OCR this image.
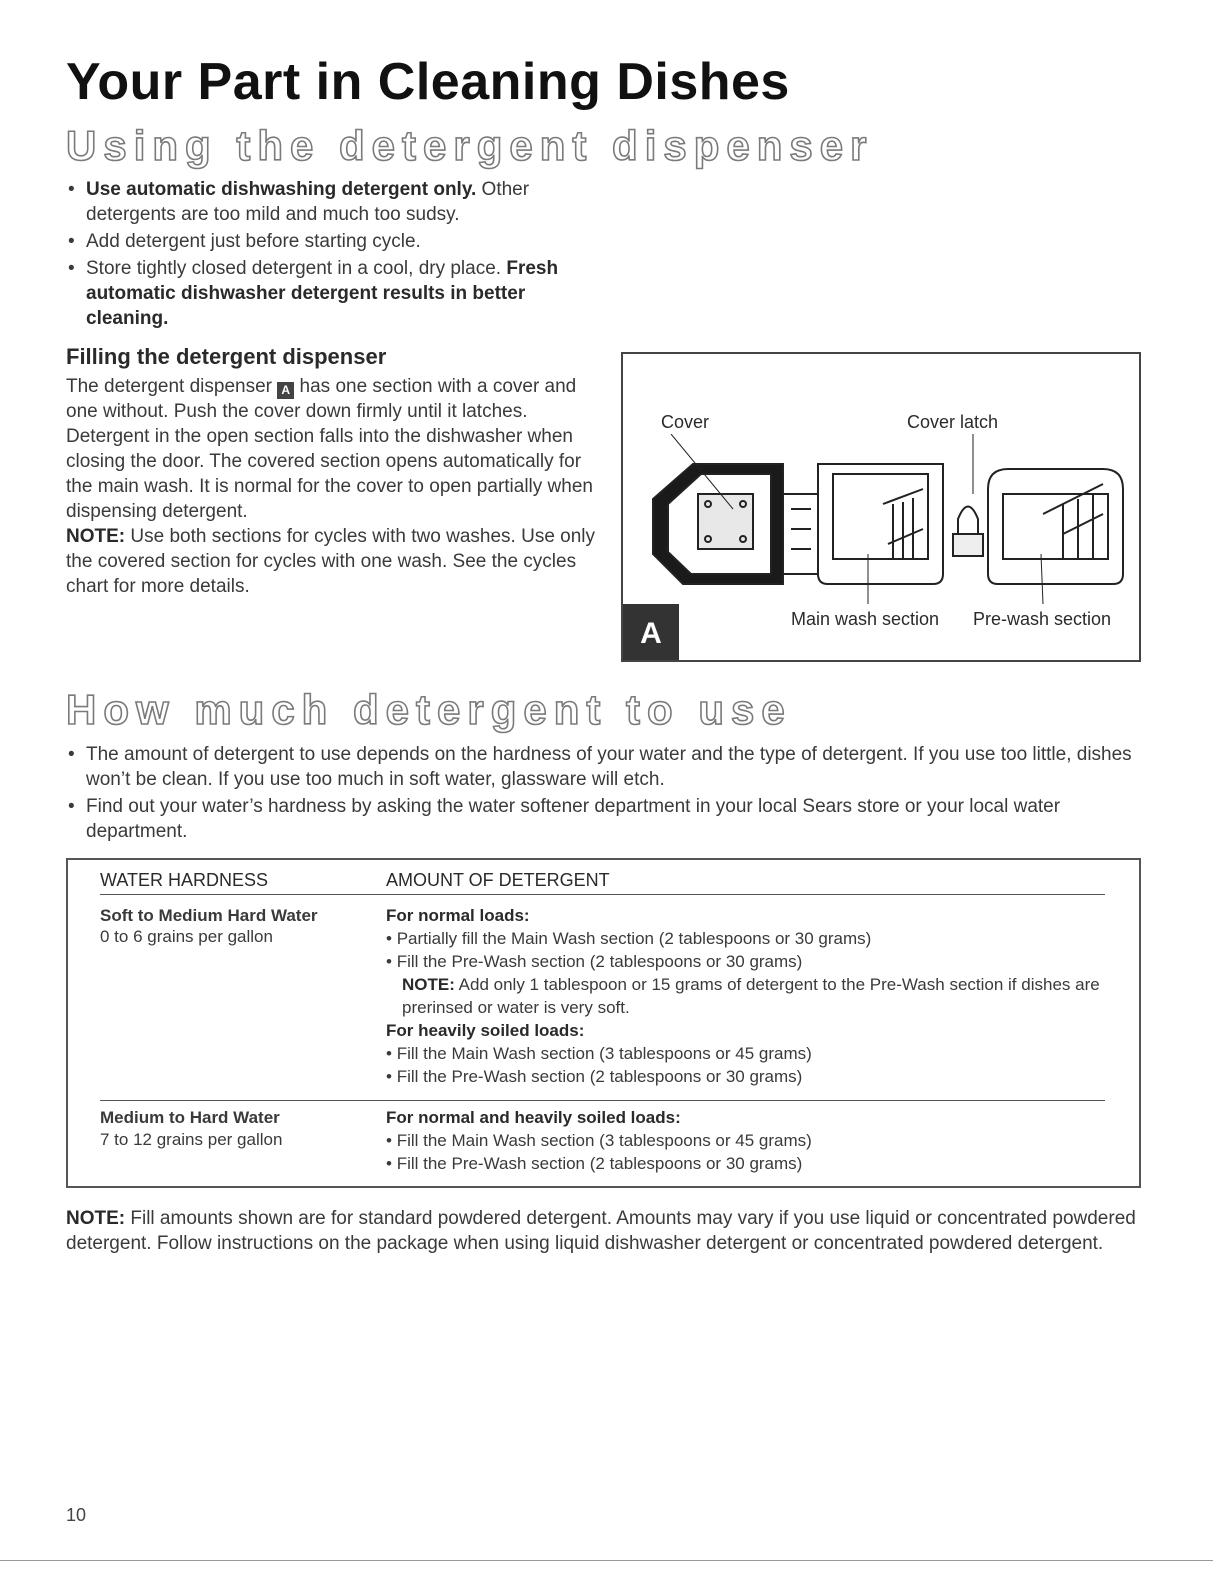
Your Part in Cleaning Dishes
Using the detergent dispenser
• Use automatic dishwashing detergent only. Other detergents are too mild and much too sudsy.
• Add detergent just before starting cycle.
• Store tightly closed detergent in a cool, dry place. Fresh automatic dishwasher detergent results in better cleaning.
Filling the detergent dispenser
The detergent dispenser A has one section with a cover and one without. Push the cover down firmly until it latches. Detergent in the open section falls into the dishwasher when closing the door. The covered section opens automatically for the main wash. It is normal for the cover to open partially when dispensing detergent.
NOTE: Use both sections for cycles with two washes. Use only the covered section for cycles with one wash. See the cycles chart for more details.
Cover	Cover latch
Main wash section Pre-wash section
A
How much detergent to use
• The amount of detergent to use depends on the hardness of your water and the type of detergent. If you use too little, dishes won’t be clean. If you use too much in soft water, glassware will etch.
• Find out your water’s hardness by asking the water softener department in your local Sears store or your local water department.
WATER HARDNESS	AMOUNT OF DETERGENT
Soft to Medium Hard Water
0 to 6 grains per gallon
For normal loads:
• Partially fill the Main Wash section (2 tablespoons or 30 grams)
• Fill the Pre-Wash section (2 tablespoons or 30 grams)
NOTE: Add only 1 tablespoon or 15 grams of detergent to the Pre-Wash section if dishes are prerinsed or water is very soft.
For heavily soiled loads:
• Fill the Main Wash section (3 tablespoons or 45 grams)
• Fill the Pre-Wash section (2 tablespoons or 30 grams)
Medium to Hard Water
7 to 12 grains per gallon
For normal and heavily soiled loads:
• Fill the Main Wash section (3 tablespoons or 45 grams)
• Fill the Pre-Wash section (2 tablespoons or 30 grams)
NOTE: Fill amounts shown are for standard powdered detergent. Amounts may vary if you use liquid or concentrated powdered detergent. Follow instructions on the package when using liquid dishwasher detergent or concentrated powdered detergent.
10
